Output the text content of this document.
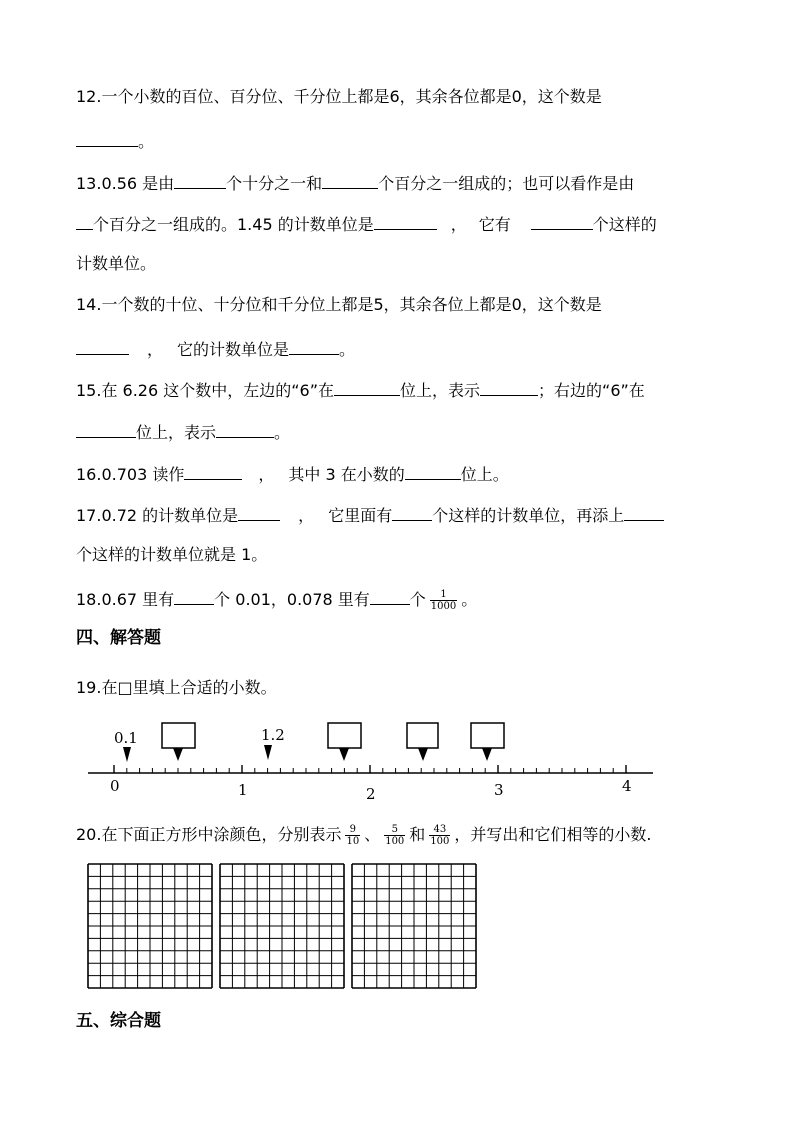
12.一个小数的百位、百分位、千分位上都是6，其余各位都是0，这个数是
。
13.0.56 是由	个十分之一和	个百分之一组成的；也可以看作是由
个百分之一组成的。1.45 的计数单位是	， 它有	个这样的
计数单位。
14.一个数的十位、十分位和千分位上都是5，其余各位上都是0，这个数是
， 它的计数单位是	。
15.在 6.26 这个数中，左边的“6”在	位上，表示	；右边的“6”在
位上，表示	。
16.0.703 读作	， 其中 3 在小数的	位上。
17.0.72 的计数单位是	， 它里面有	个这样的计数单位，再添上
个这样的计数单位就是 1。
18.0.67 里有	个 0.01，0.078 里有	个 $\frac{1}{1000}$ 。
四、解答题
19.在□里填上合适的小数。
0	1	2	3	4
0.1	1.2
20.在下面正方形中涂颜色，分别表示 $\frac{9}{10}$ 、 $\frac{5}{100}$ 和 $\frac{43}{100}$ ，并写出和它们相等的小数.
五、综合题
